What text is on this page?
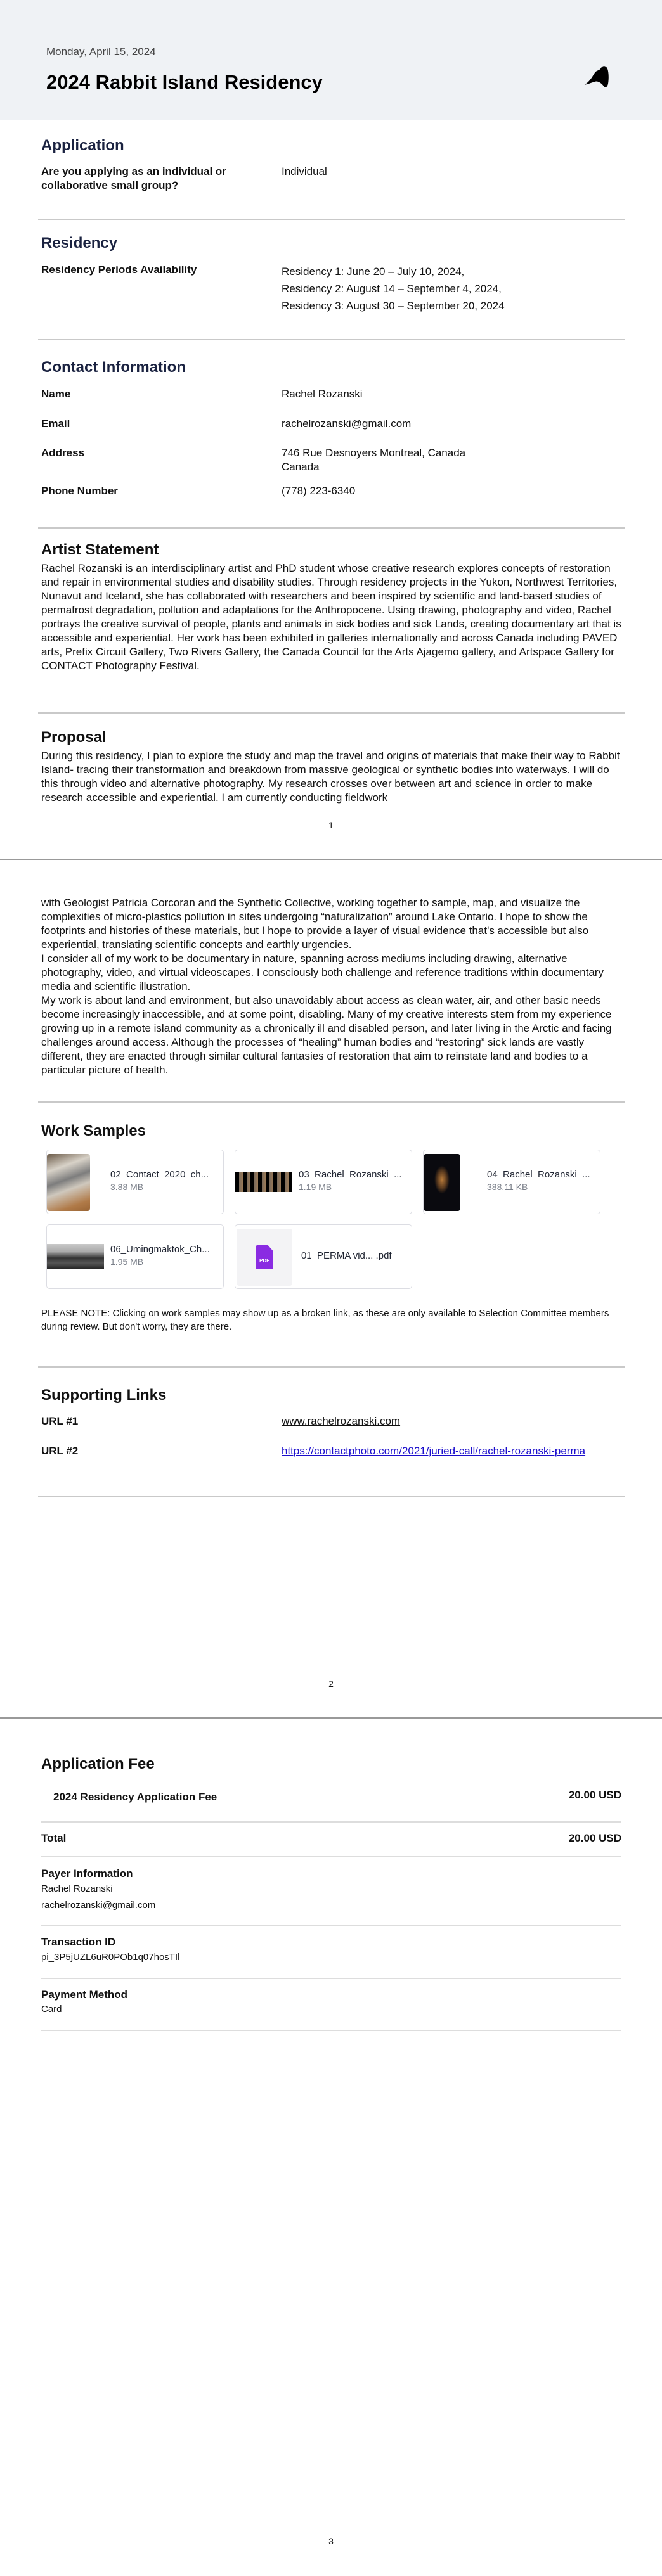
Monday, April 15, 2024
2024 Rabbit Island Residency
Application
Are you applying as an individual or collaborative small group?
Individual
Residency
Residency Periods Availability	Residency 1: June 20 – July 10, 2024,
Residency 2: August 14 – September 4, 2024,
Residency 3: August 30 – September 20, 2024
Contact Information
Name	Rachel Rozanski
Email	rachelrozanski@gmail.com
Address	746 Rue Desnoyers Montreal, Canada
Canada
Phone Number	(778) 223-6340
Artist Statement
Rachel Rozanski is an interdisciplinary artist and PhD student whose creative research explores concepts of restoration and repair in environmental studies and disability studies. Through residency projects in the Yukon, Northwest Territories, Nunavut and Iceland, she has collaborated with researchers and been inspired by scientific and land-based studies of permafrost degradation, pollution and adaptations for the Anthropocene. Using drawing, photography and video, Rachel portrays the creative survival of people, plants and animals in sick bodies and sick Lands, creating documentary art that is accessible and experiential. Her work has been exhibited in galleries internationally and across Canada including PAVED arts, Prefix Circuit Gallery, Two Rivers Gallery, the Canada Council for the Arts Ajagemo gallery, and Artspace Gallery for CONTACT Photography Festival.
Proposal
During this residency, I plan to explore the study and map the travel and origins of materials that make their way to Rabbit Island- tracing their transformation and breakdown from massive geological or synthetic bodies into waterways. I will do this through video and alternative photography. My research crosses over between art and science in order to make research accessible and experiential. I am currently conducting fieldwork
1
with Geologist Patricia Corcoran and the Synthetic Collective, working together to sample, map, and visualize the complexities of micro-plastics pollution in sites undergoing “naturalization” around Lake Ontario. I hope to show the footprints and histories of these materials, but I hope to provide a layer of visual evidence that's accessible but also experiential, translating scientific concepts and earthly urgencies.
I consider all of my work to be documentary in nature, spanning across mediums including drawing, alternative photography, video, and virtual videoscapes. I consciously both challenge and reference traditions within documentary media and scientific illustration.
My work is about land and environment, but also unavoidably about access as clean water, air, and other basic needs become increasingly inaccessible, and at some point, disabling. Many of my creative interests stem from my experience growing up in a remote island community as a chronically ill and disabled person, and later living in the Arctic and facing challenges around access. Although the processes of “healing” human bodies and “restoring” sick lands are vastly different, they are enacted through similar cultural fantasies of restoration that aim to reinstate land and bodies to a particular picture of health.
Work Samples
02_Contact_2020_ch...
3.88 MB
03_Rachel_Rozanski_...
1.19 MB
04_Rachel_Rozanski_...
388.11 KB
06_Umingmaktok_Ch...
1.95 MB	PDF	01_PERMA vid... .pdf
PLEASE NOTE: Clicking on work samples may show up as a broken link, as these are only available to Selection Committee members during review. But don't worry, they are there.
Supporting Links
URL #1	www.rachelrozanski.com
URL #2	https://contactphoto.com/2021/juried-call/rachel-rozanski-perma
2
Application Fee
2024 Residency Application Fee	20.00 USD
Total	20.00 USD
Payer Information
Rachel Rozanski
rachelrozanski@gmail.com
Transaction ID
pi_3P5jUZL6uR0POb1q07hosTIl
Payment Method
Card
3
